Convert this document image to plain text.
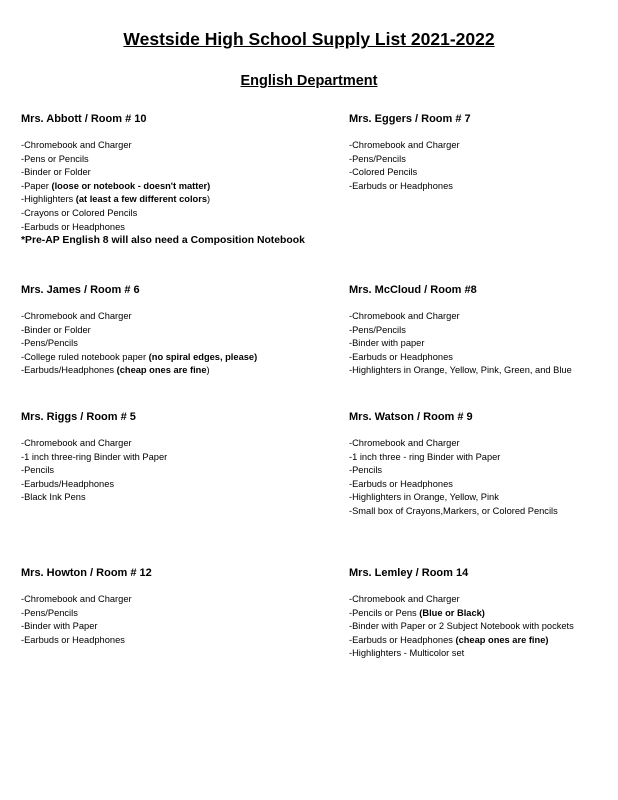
Westside High School Supply List 2021-2022
English Department
Mrs. Abbott / Room # 10
-Chromebook and Charger
-Pens or Pencils
-Binder or Folder
-Paper (loose or notebook - doesn't matter)
-Highlighters (at least a few different colors)
-Crayons or Colored Pencils
-Earbuds or Headphones
*Pre-AP English 8 will also need a Composition Notebook
Mrs. Eggers / Room # 7
-Chromebook and Charger
-Pens/Pencils
-Colored Pencils
-Earbuds or Headphones
Mrs. James / Room # 6
-Chromebook and Charger
-Binder or Folder
-Pens/Pencils
-College ruled notebook paper (no spiral edges, please)
-Earbuds/Headphones (cheap ones are fine)
Mrs. McCloud / Room #8
-Chromebook and Charger
-Pens/Pencils
-Binder with paper
-Earbuds or Headphones
-Highlighters in Orange, Yellow, Pink, Green, and Blue
Mrs. Riggs / Room # 5
-Chromebook and Charger
-1 inch three-ring Binder with Paper
-Pencils
-Earbuds/Headphones
-Black Ink Pens
Mrs. Watson / Room # 9
-Chromebook and Charger
-1 inch three - ring Binder with Paper
-Pencils
-Earbuds or Headphones
-Highlighters in Orange, Yellow, Pink
-Small box of Crayons,Markers, or Colored Pencils
Mrs. Howton / Room # 12
-Chromebook and Charger
-Pens/Pencils
-Binder with Paper
-Earbuds or Headphones
Mrs. Lemley / Room 14
-Chromebook and Charger
-Pencils or Pens (Blue or Black)
-Binder with Paper or 2 Subject Notebook with pockets
-Earbuds or Headphones (cheap ones are fine)
-Highlighters - Multicolor set
